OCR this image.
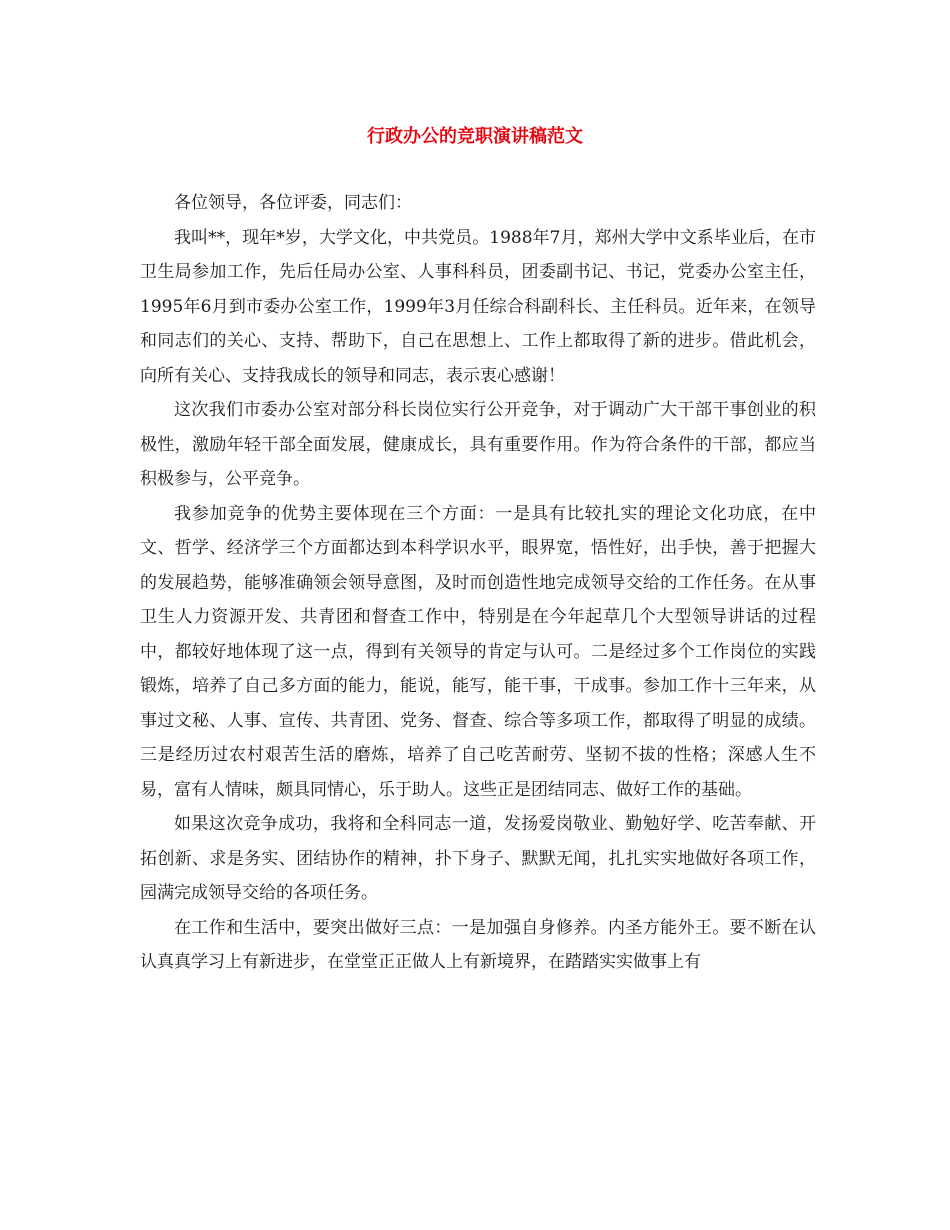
行政办公的竞职演讲稿范文

各位领导，各位评委，同志们：

我叫**，现年*岁，大学文化，中共党员。1988年7月，郑州大学中文系毕业后，在市卫生局参加工作，先后任局办公室、人事科科员，团委副书记、书记，党委办公室主任，1995年6月到市委办公室工作，1999年3月任综合科副科长、主任科员。近年来，在领导和同志们的关心、支持、帮助下，自己在思想上、工作上都取得了新的进步。借此机会，向所有关心、支持我成长的领导和同志，表示衷心感谢！

这次我们市委办公室对部分科长岗位实行公开竞争，对于调动广大干部干事创业的积极性，激励年轻干部全面发展，健康成长，具有重要作用。作为符合条件的干部，都应当积极参与，公平竞争。

我参加竞争的优势主要体现在三个方面：一是具有比较扎实的理论文化功底，在中文、哲学、经济学三个方面都达到本科学识水平，眼界宽，悟性好，出手快，善于把握大的发展趋势，能够准确领会领导意图，及时而创造性地完成领导交给的工作任务。在从事卫生人力资源开发、共青团和督查工作中，特别是在今年起草几个大型领导讲话的过程中，都较好地体现了这一点，得到有关领导的肯定与认可。二是经过多个工作岗位的实践锻炼，培养了自己多方面的能力，能说，能写，能干事，干成事。参加工作十三年来，从事过文秘、人事、宣传、共青团、党务、督查、综合等多项工作，都取得了明显的成绩。三是经历过农村艰苦生活的磨炼，培养了自己吃苦耐劳、坚韧不拔的性格；深感人生不易，富有人情味，颇具同情心，乐于助人。这些正是团结同志、做好工作的基础。

如果这次竞争成功，我将和全科同志一道，发扬爱岗敬业、勤勉好学、吃苦奉献、开拓创新、求是务实、团结协作的精神，扑下身子、默默无闻，扎扎实实地做好各项工作，园满完成领导交给的各项任务。

在工作和生活中，要突出做好三点：一是加强自身修养。内圣方能外王。要不断在认认真真学习上有新进步，在堂堂正正做人上有新境界，在踏踏实实做事上有
